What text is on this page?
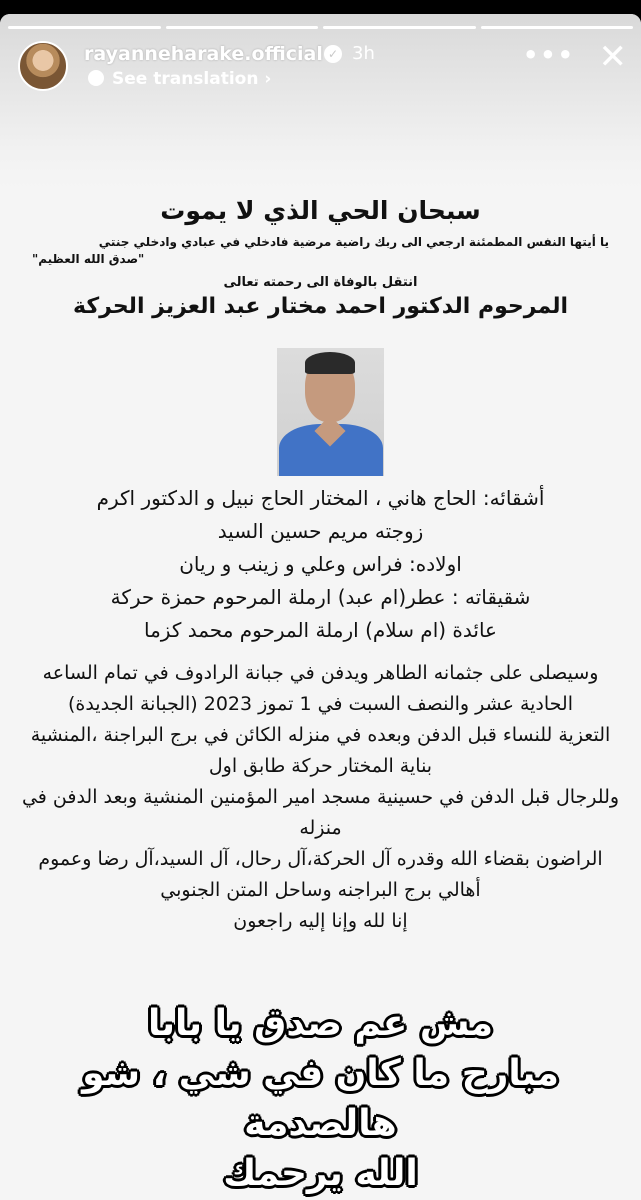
rayanneharake.official ✓ 3h
See translation ›
••• ✕
سبحان الحي الذي لا يموت
يا أيتها النفس المطمئنة ارجعي الى ربك راضية مرضية فادخلي في عبادي وادخلي جنتي
"صدق الله العظيم"
انتقل بالوفاة الى رحمته تعالى
المرحوم الدكتور احمد مختار عبد العزيز الحركة
أشقائه: الحاج هاني ، المختار الحاج نبيل و الدكتور اكرم
زوجته مريم حسين السيد
اولاده: فراس وعلي و زينب و ريان
شقيقاته : عطر(ام عبد) ارملة المرحوم حمزة حركة
عائدة (ام سلام) ارملة المرحوم محمد كزما
وسيصلى على جثمانه الطاهر ويدفن في جبانة الرادوف في تمام الساعه
الحادية عشر والنصف السبت في 1 تموز 2023 (الجبانة الجديدة)
التعزية للنساء قبل الدفن وبعده في منزله الكائن في برج البراجنة ،المنشية
بناية المختار حركة طابق اول
وللرجال قبل الدفن في حسينية مسجد امير المؤمنين المنشية وبعد الدفن في
منزله
الراضون بقضاء الله وقدره آل الحركة،آل رحال، آل السيد،آل رضا وعموم
أهالي برج البراجنه وساحل المتن الجنوبي
إنا لله وإنا إليه راجعون
مش عم صدق يا بابا
مبارح ما كان في شي ، شو هالصدمة
الله يرحمك
